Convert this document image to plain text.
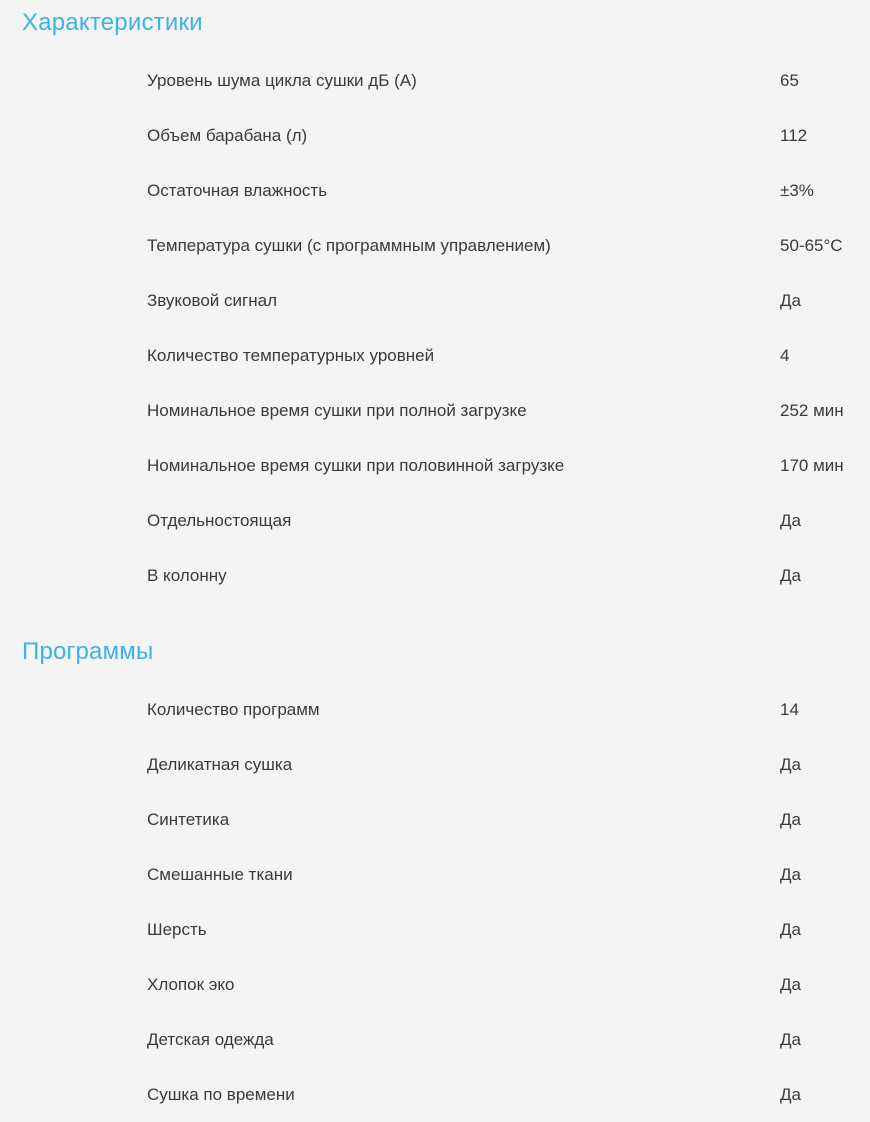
Характеристики
Уровень шума цикла сушки дБ (А)	65
Объем барабана (л)	112
Остаточная влажность	±3%
Температура сушки (с программным управлением)	50-65°C
Звуковой сигнал	Да
Количество температурных уровней	4
Номинальное время сушки при полной загрузке	252 мин
Номинальное время сушки при половинной загрузке	170 мин
Отдельностоящая	Да
В колонну	Да
Программы
Количество программ	14
Деликатная сушка	Да
Синтетика	Да
Смешанные ткани	Да
Шерсть	Да
Хлопок эко	Да
Детская одежда	Да
Сушка по времени	Да
